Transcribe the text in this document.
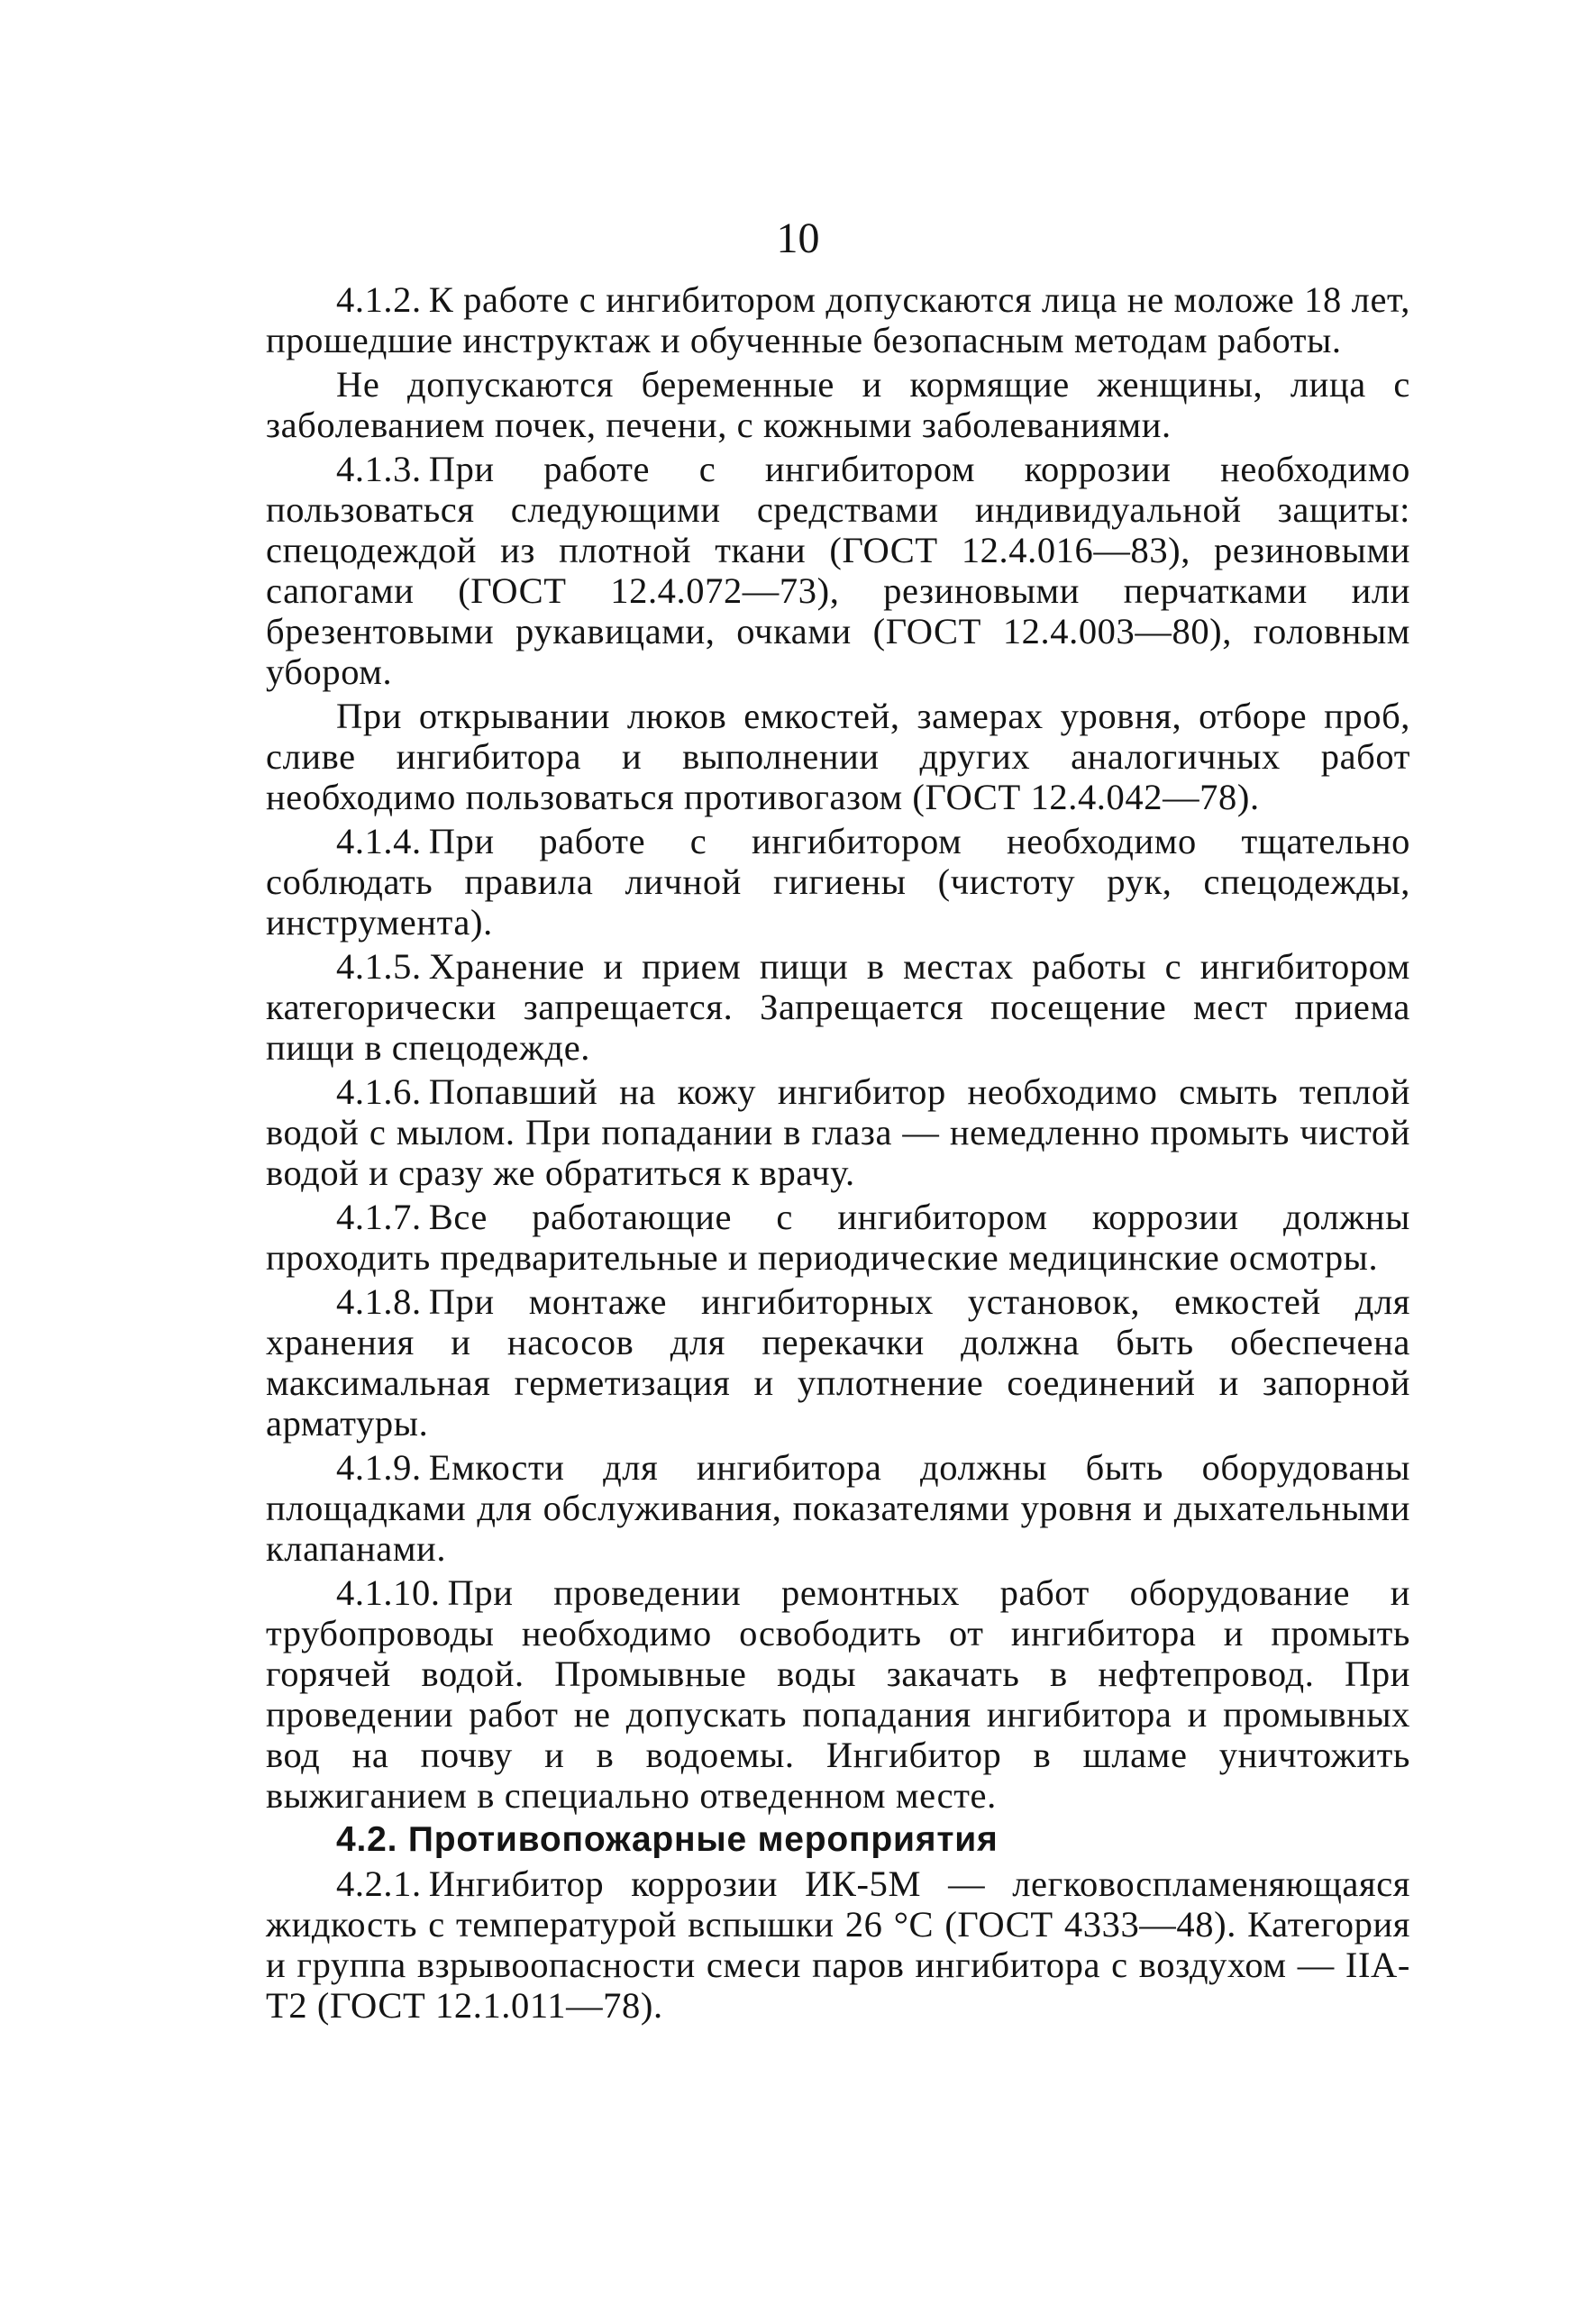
10

4.1.2. К работе с ингибитором допускаются лица не моложе 18 лет, прошедшие инструктаж и обученные безопасным методам работы.

Не допускаются беременные и кормящие женщины, лица с заболеванием почек, печени, с кожными заболеваниями.

4.1.3. При работе с ингибитором коррозии необходимо пользоваться следующими средствами индивидуальной защиты: спецодеждой из плотной ткани (ГОСТ 12.4.016—83), резиновыми сапогами (ГОСТ 12.4.072—73), резиновыми перчатками или брезентовыми рукавицами, очками (ГОСТ 12.4.003—80), головным убором.

При открывании люков емкостей, замерах уровня, отборе проб, сливе ингибитора и выполнении других аналогичных работ необходимо пользоваться противогазом (ГОСТ 12.4.042—78).

4.1.4. При работе с ингибитором необходимо тщательно соблюдать правила личной гигиены (чистоту рук, спецодежды, инструмента).

4.1.5. Хранение и прием пищи в местах работы с ингибитором категорически запрещается. Запрещается посещение мест приема пищи в спецодежде.

4.1.6. Попавший на кожу ингибитор необходимо смыть теплой водой с мылом. При попадании в глаза — немедленно промыть чистой водой и сразу же обратиться к врачу.

4.1.7. Все работающие с ингибитором коррозии должны проходить предварительные и периодические медицинские осмотры.

4.1.8. При монтаже ингибиторных установок, емкостей для хранения и насосов для перекачки должна быть обеспечена максимальная герметизация и уплотнение соединений и запорной арматуры.

4.1.9. Емкости для ингибитора должны быть оборудованы площадками для обслуживания, показателями уровня и дыхательными клапанами.

4.1.10. При проведении ремонтных работ оборудование и трубопроводы необходимо освободить от ингибитора и промыть горячей водой. Промывные воды закачать в нефтепровод. При проведении работ не допускать попадания ингибитора и промывных вод на почву и в водоемы. Ингибитор в шламе уничтожить выжиганием в специально отведенном месте.

4.2. Противопожарные мероприятия

4.2.1. Ингибитор коррозии ИК-5М — легковоспламеняющаяся жидкость с температурой вспышки 26 °С (ГОСТ 4333—48). Категория и группа взрывоопасности смеси паров ингибитора с воздухом — IIА-Т2 (ГОСТ 12.1.011—78).
